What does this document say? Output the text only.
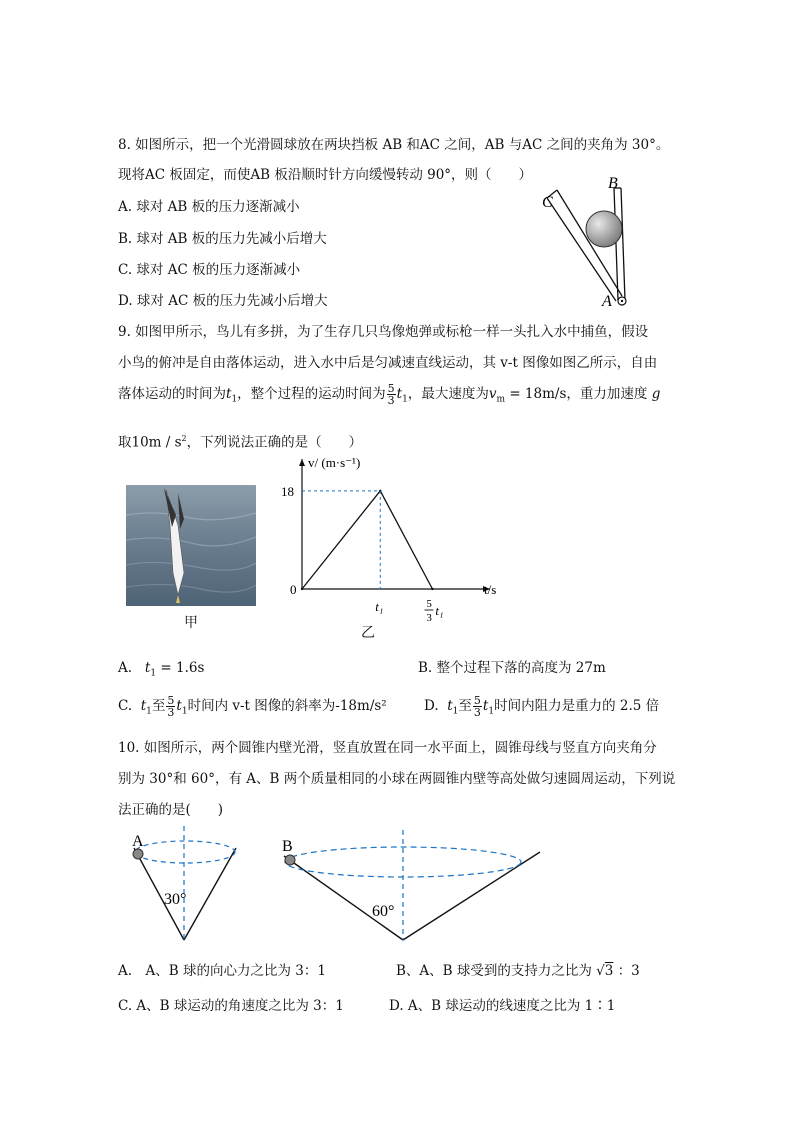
8. 如图所示，把一个光滑圆球放在两块挡板 AB 和AC 之间，AB 与AC 之间的夹角为 30°。
现将AC 板固定，而使AB 板沿顺时针方向缓慢转动 90°，则（　　）
A. 球对 AB 板的压力逐渐减小
B. 球对 AB 板的压力先减小后增大
C. 球对 AC 板的压力逐渐减小
D. 球对 AC 板的压力先减小后增大
C
B
A
9. 如图甲所示，鸟儿有多拼，为了生存几只鸟像炮弹或标枪一样一头扎入水中捕鱼，假设
小鸟的俯冲是自由落体运动，进入水中后是匀减速直线运动，其 v-t 图像如图乙所示，自由
落体运动的时间为$t_1$，整个过程的运动时间为 $\frac{5}{3} t_1$，最大速度为$v_m = 18m/s$，重力加速度 g
取$10m / s^2$，下列说法正确的是（　　）
甲
v/ (m·s⁻¹)
t/s
0
18
t₁	5
3 t₁
乙
A. $t_1 = 1.6s$	B. 整个过程下落的高度为 27m
C. $t_1$至 $\frac{5}{3} t_1$时间内 v-t 图像的斜率为-18m/s²	D. $t_1$至 $\frac{5}{3} t_1$时间内阻力是重力的 2.5 倍
10. 如图所示，两个圆锥内壁光滑，竖直放置在同一水平面上，圆锥母线与竖直方向夹角分
别为 30°和 60°，有 A、B 两个质量相同的小球在两圆锥内壁等高处做匀速圆周运动，下列说
法正确的是(　　)
A
30°
B
60°
A.　A、B 球的向心力之比为 3：1	B、A、B 球受到的支持力之比为 √3 ：3
C. A、B 球运动的角速度之比为 3：1	D. A、B 球运动的线速度之比为 1∶1
